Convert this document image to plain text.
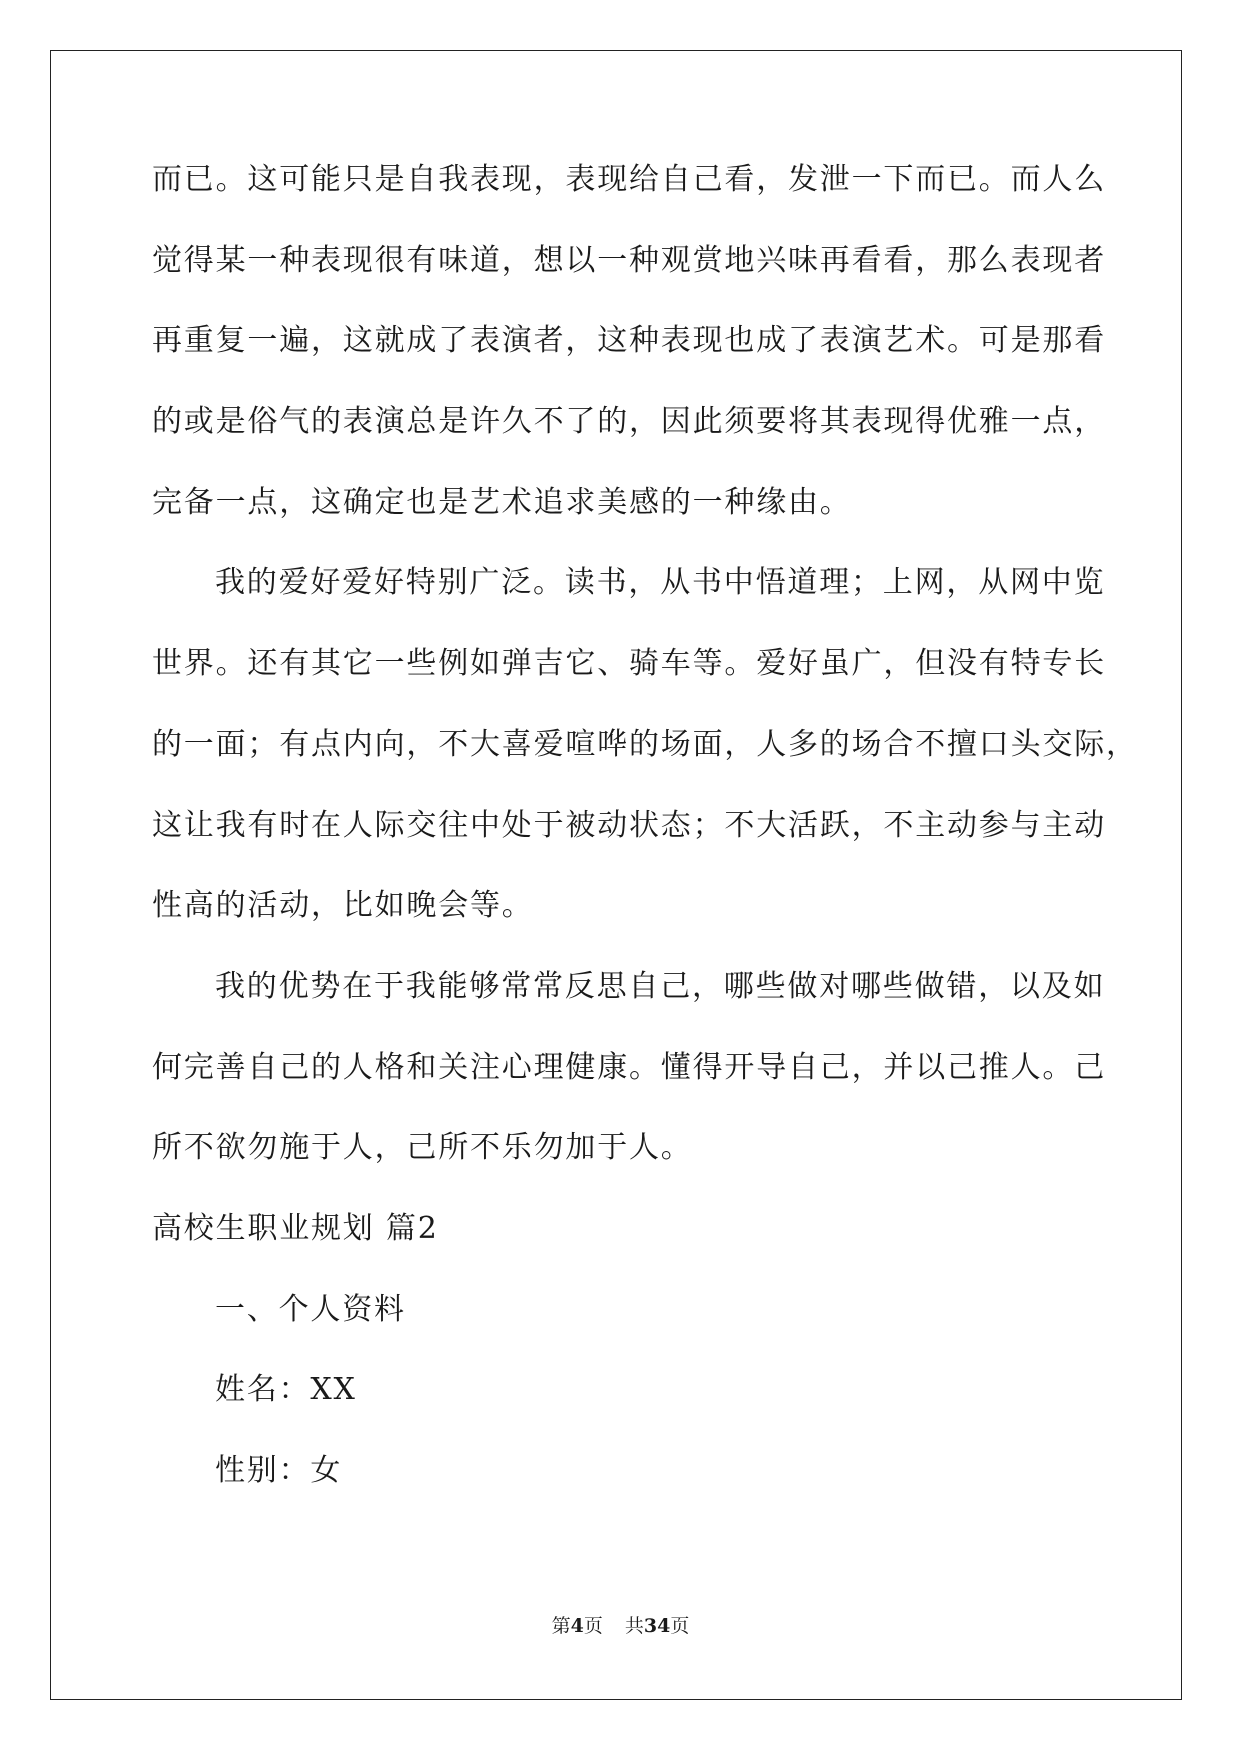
而已。这可能只是自我表现，表现给自己看，发泄一下而已。而人么
觉得某一种表现很有味道，想以一种观赏地兴味再看看，那么表现者
再重复一遍，这就成了表演者，这种表现也成了表演艺术。可是那看
的或是俗气的表演总是许久不了的，因此须要将其表现得优雅一点，
完备一点，这确定也是艺术追求美感的一种缘由。
我的爱好爱好特别广泛。读书，从书中悟道理；上网，从网中览
世界。还有其它一些例如弹吉它、骑车等。爱好虽广，但没有特专长
的一面；有点内向，不大喜爱喧哗的场面，人多的场合不擅口头交际，
这让我有时在人际交往中处于被动状态；不大活跃，不主动参与主动
性高的活动，比如晚会等。
我的优势在于我能够常常反思自己，哪些做对哪些做错，以及如
何完善自己的人格和关注心理健康。懂得开导自己，并以己推人。己
所不欲勿施于人，己所不乐勿加于人。
高校生职业规划 篇2
一、个人资料
姓名：XX
性别：女
第4页 共34页
